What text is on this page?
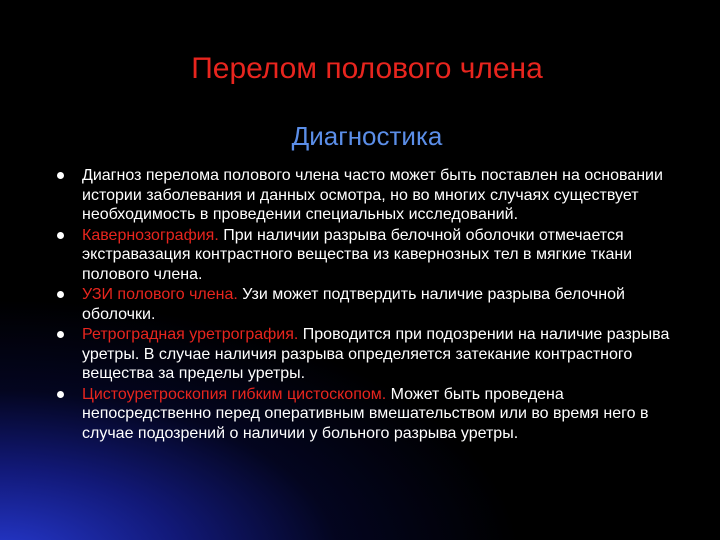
Перелом полового члена
Диагностика
Диагноз перелома полового члена часто может быть поставлен на основании истории заболевания и данных осмотра, но во многих случаях существует необходимость в проведении специальных исследований.
Кавернозография. При наличии разрыва белочной оболочки отмечается экстравазация контрастного вещества из кавернозных тел в мягкие ткани полового члена.
УЗИ полового члена. Узи может подтвердить наличие разрыва белочной оболочки.
Ретроградная уретрография. Проводится при подозрении на наличие разрыва уретры. В случае наличия разрыва определяется затекание контрастного вещества за пределы уретры.
Цистоуретроскопия гибким цистоскопом. Может быть проведена непосредственно перед оперативным вмешательством или во время него в случае подозрений о наличии у больного разрыва уретры.
